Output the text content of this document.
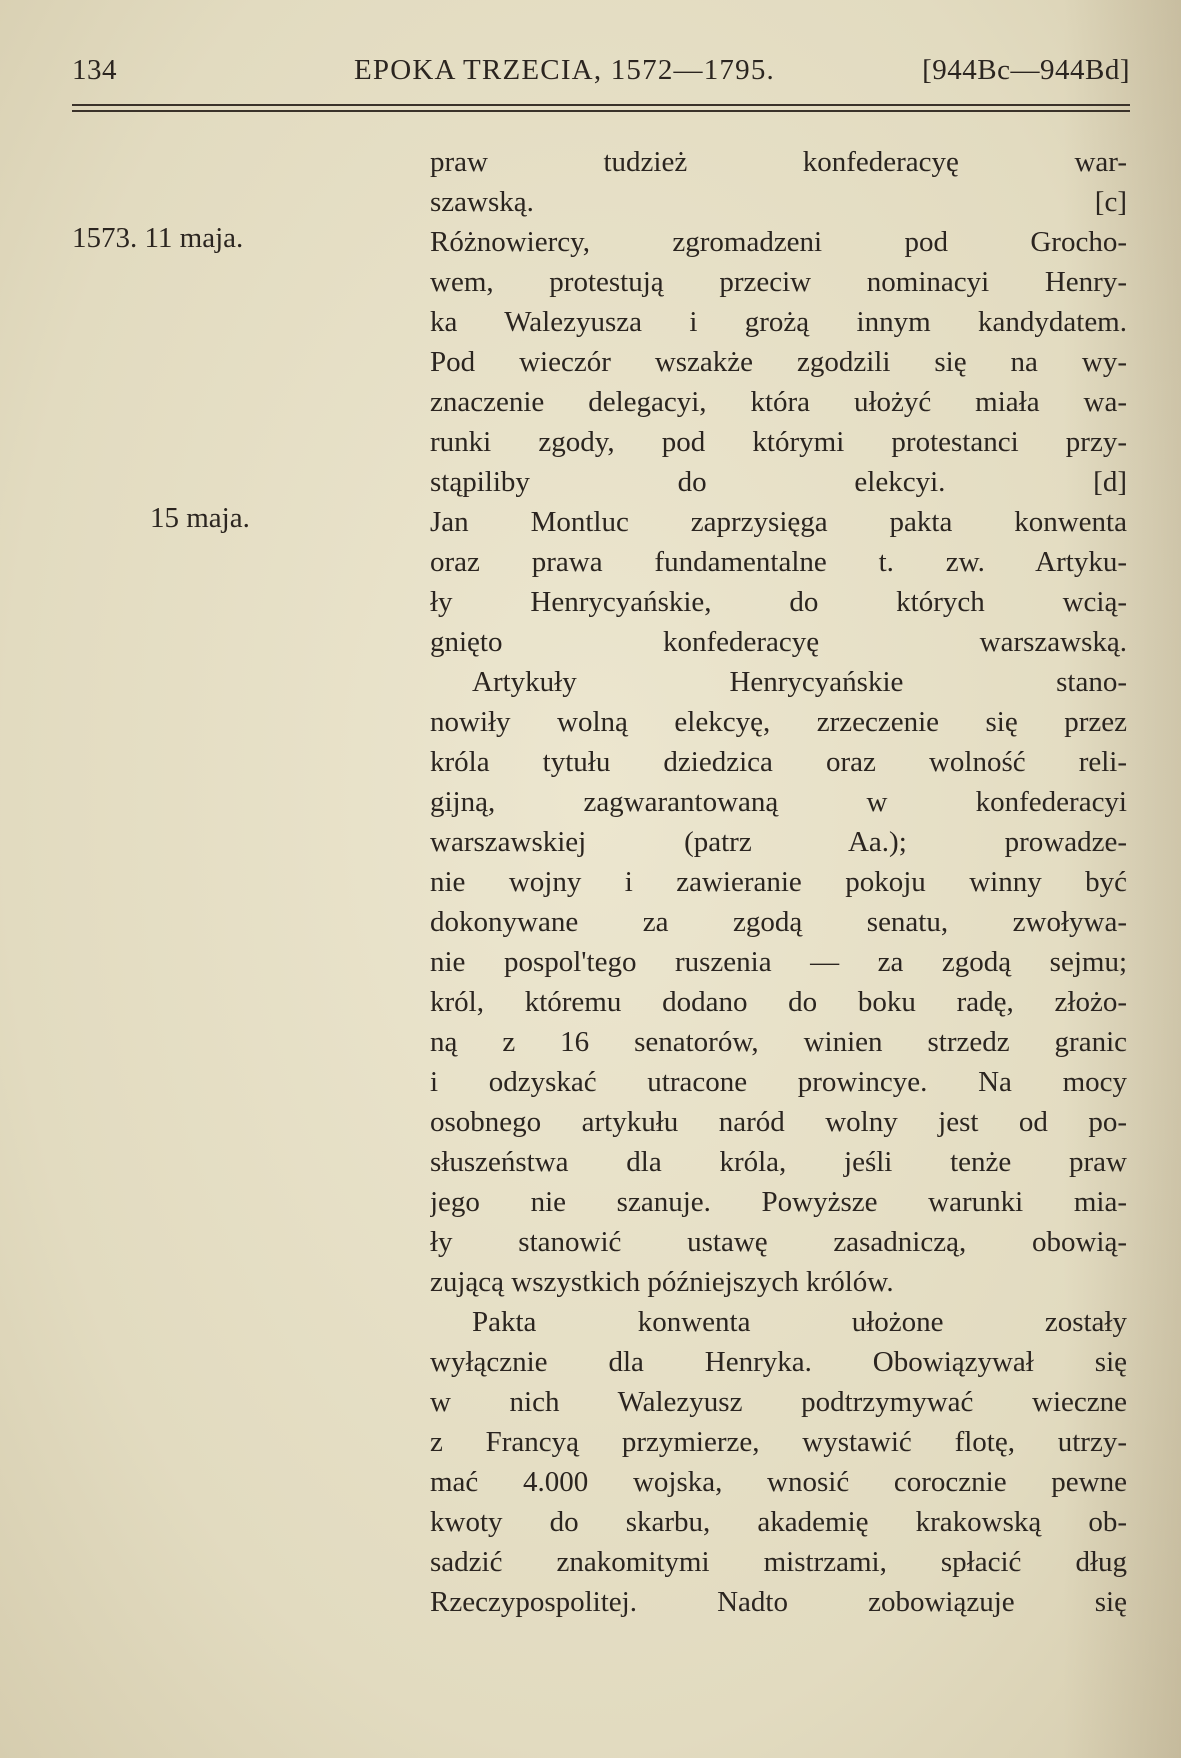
134	EPOKA TRZECIA, 1572—1795.	[944Bc—944Bd]
1573. 11 maja.
15 maja.
praw tudzież konfederacyę war-
szawską. [c]
Różnowiercy, zgromadzeni pod Grocho-
wem, protestują przeciw nominacyi Henry-
ka Walezyusza i grożą innym kandydatem.
Pod wieczór wszakże zgodzili się na wy-
znaczenie delegacyi, która ułożyć miała wa-
runki zgody, pod którymi protestanci przy-
stąpiliby do elekcyi. [d]
Jan Montluc zaprzysięga pakta konwenta
oraz prawa fundamentalne t. zw. Artyku-
ły Henrycyańskie, do których wcią-
gnięto konfederacyę warszawską.
Artykuły Henrycyańskie stano-
nowiły wolną elekcyę, zrzeczenie się przez
króla tytułu dziedzica oraz wolność reli-
gijną, zagwarantowaną w konfederacyi
warszawskiej (patrz Aa.); prowadze-
nie wojny i zawieranie pokoju winny być
dokonywane za zgodą senatu, zwoływa-
nie pospol'tego ruszenia — za zgodą sejmu;
król, któremu dodano do boku radę, złożo-
ną z 16 senatorów, winien strzedz granic
i odzyskać utracone prowincye. Na mocy
osobnego artykułu naród wolny jest od po-
słuszeństwa dla króla, jeśli tenże praw
jego nie szanuje. Powyższe warunki mia-
ły stanowić ustawę zasadniczą, obowią-
zującą wszystkich późniejszych królów.
Pakta konwenta ułożone zostały
wyłącznie dla Henryka. Obowiązywał się
w nich Walezyusz podtrzymywać wieczne
z Francyą przymierze, wystawić flotę, utrzy-
mać 4.000 wojska, wnosić corocznie pewne
kwoty do skarbu, akademię krakowską ob-
sadzić znakomitymi mistrzami, spłacić dług
Rzeczypospolitej. Nadto zobowiązuje się
